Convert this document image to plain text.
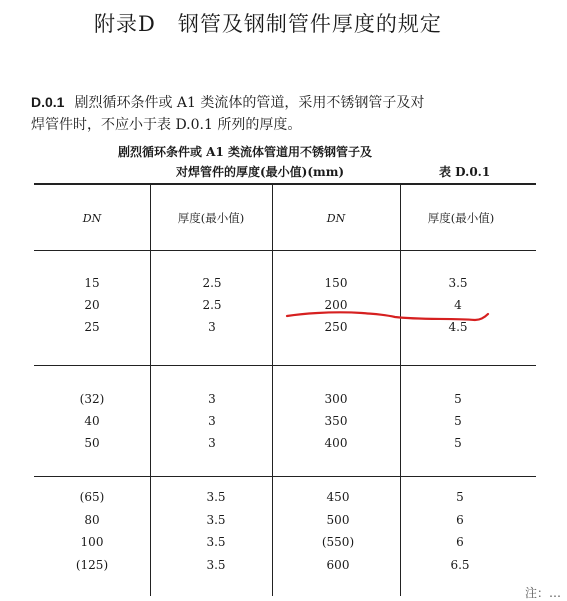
附录D　钢管及钢制管件厚度的规定
D.0.1 剧烈循环条件或 A1 类流体的管道，采用不锈钢管子及对
焊管件时，不应小于表 D.0.1 所列的厚度。
剧烈循环条件或 A1 类流体管道用不锈钢管子及
对焊管件的厚度(最小值)(mm)	表 D.0.1
DN	厚度(最小值)	DN	厚度(最小值)
15	2.5	150	3.5
20	2.5	200	4
25	3	250	4.5
(32)	3	300	5
40	3	350	5
50	3	400	5
(65)	3.5	450	5
80	3.5	500	6
100	3.5	(550)	6
(125)	3.5	600	6.5
注：…
